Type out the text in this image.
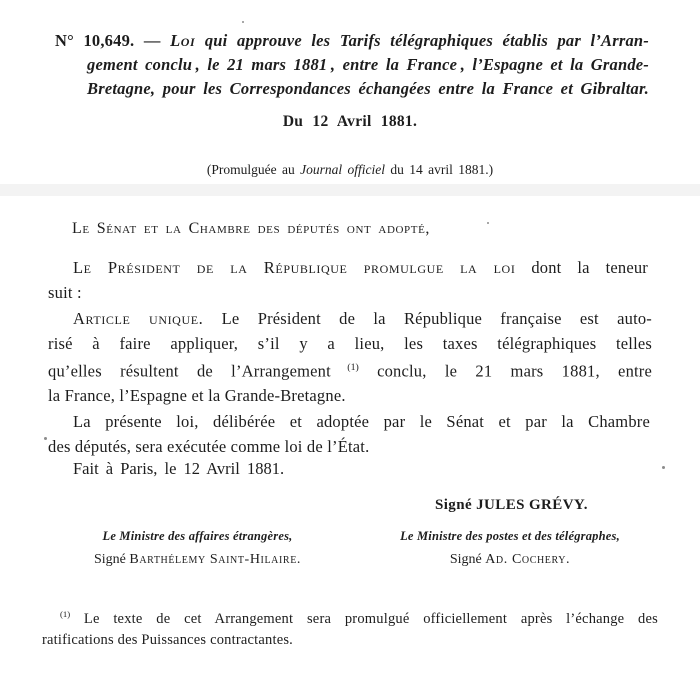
N° 10,649. — Loi qui approuve les Tarifs télégraphiques établis par l’Arran-
gement conclu , le 21 mars 1881 , entre la France , l’Espagne et la Grande-
Bretagne, pour les Correspondances échangées entre la France et Gibraltar.
Du 12 Avril 1881.
(Promulguée au Journal officiel du 14 avril 1881.)
Le Sénat et la Chambre des députés ont adopté,
Le Président de la République promulgue la loi dont la teneur
suit :
Article unique. Le Président de la République française est auto-
risé à faire appliquer, s’il y a lieu, les taxes télégraphiques telles
qu’elles résultent de l’Arrangement $^{(1)}$ conclu, le 21 mars 1881, entre
la France, l’Espagne et la Grande-Bretagne.
La présente loi, délibérée et adoptée par le Sénat et par la Chambre
des députés, sera exécutée comme loi de l’État.
Fait à Paris, le 12 Avril 1881.
Signé JULES GRÉVY.
Le Ministre des affaires étrangères,
Signé Barthélemy Saint-Hilaire.
Le Ministre des postes et des télégraphes,
Signé Ad. Cochery.
$^{(1)}$ Le texte de cet Arrangement sera promulgué officiellement après l’échange des
ratifications des Puissances contractantes.
